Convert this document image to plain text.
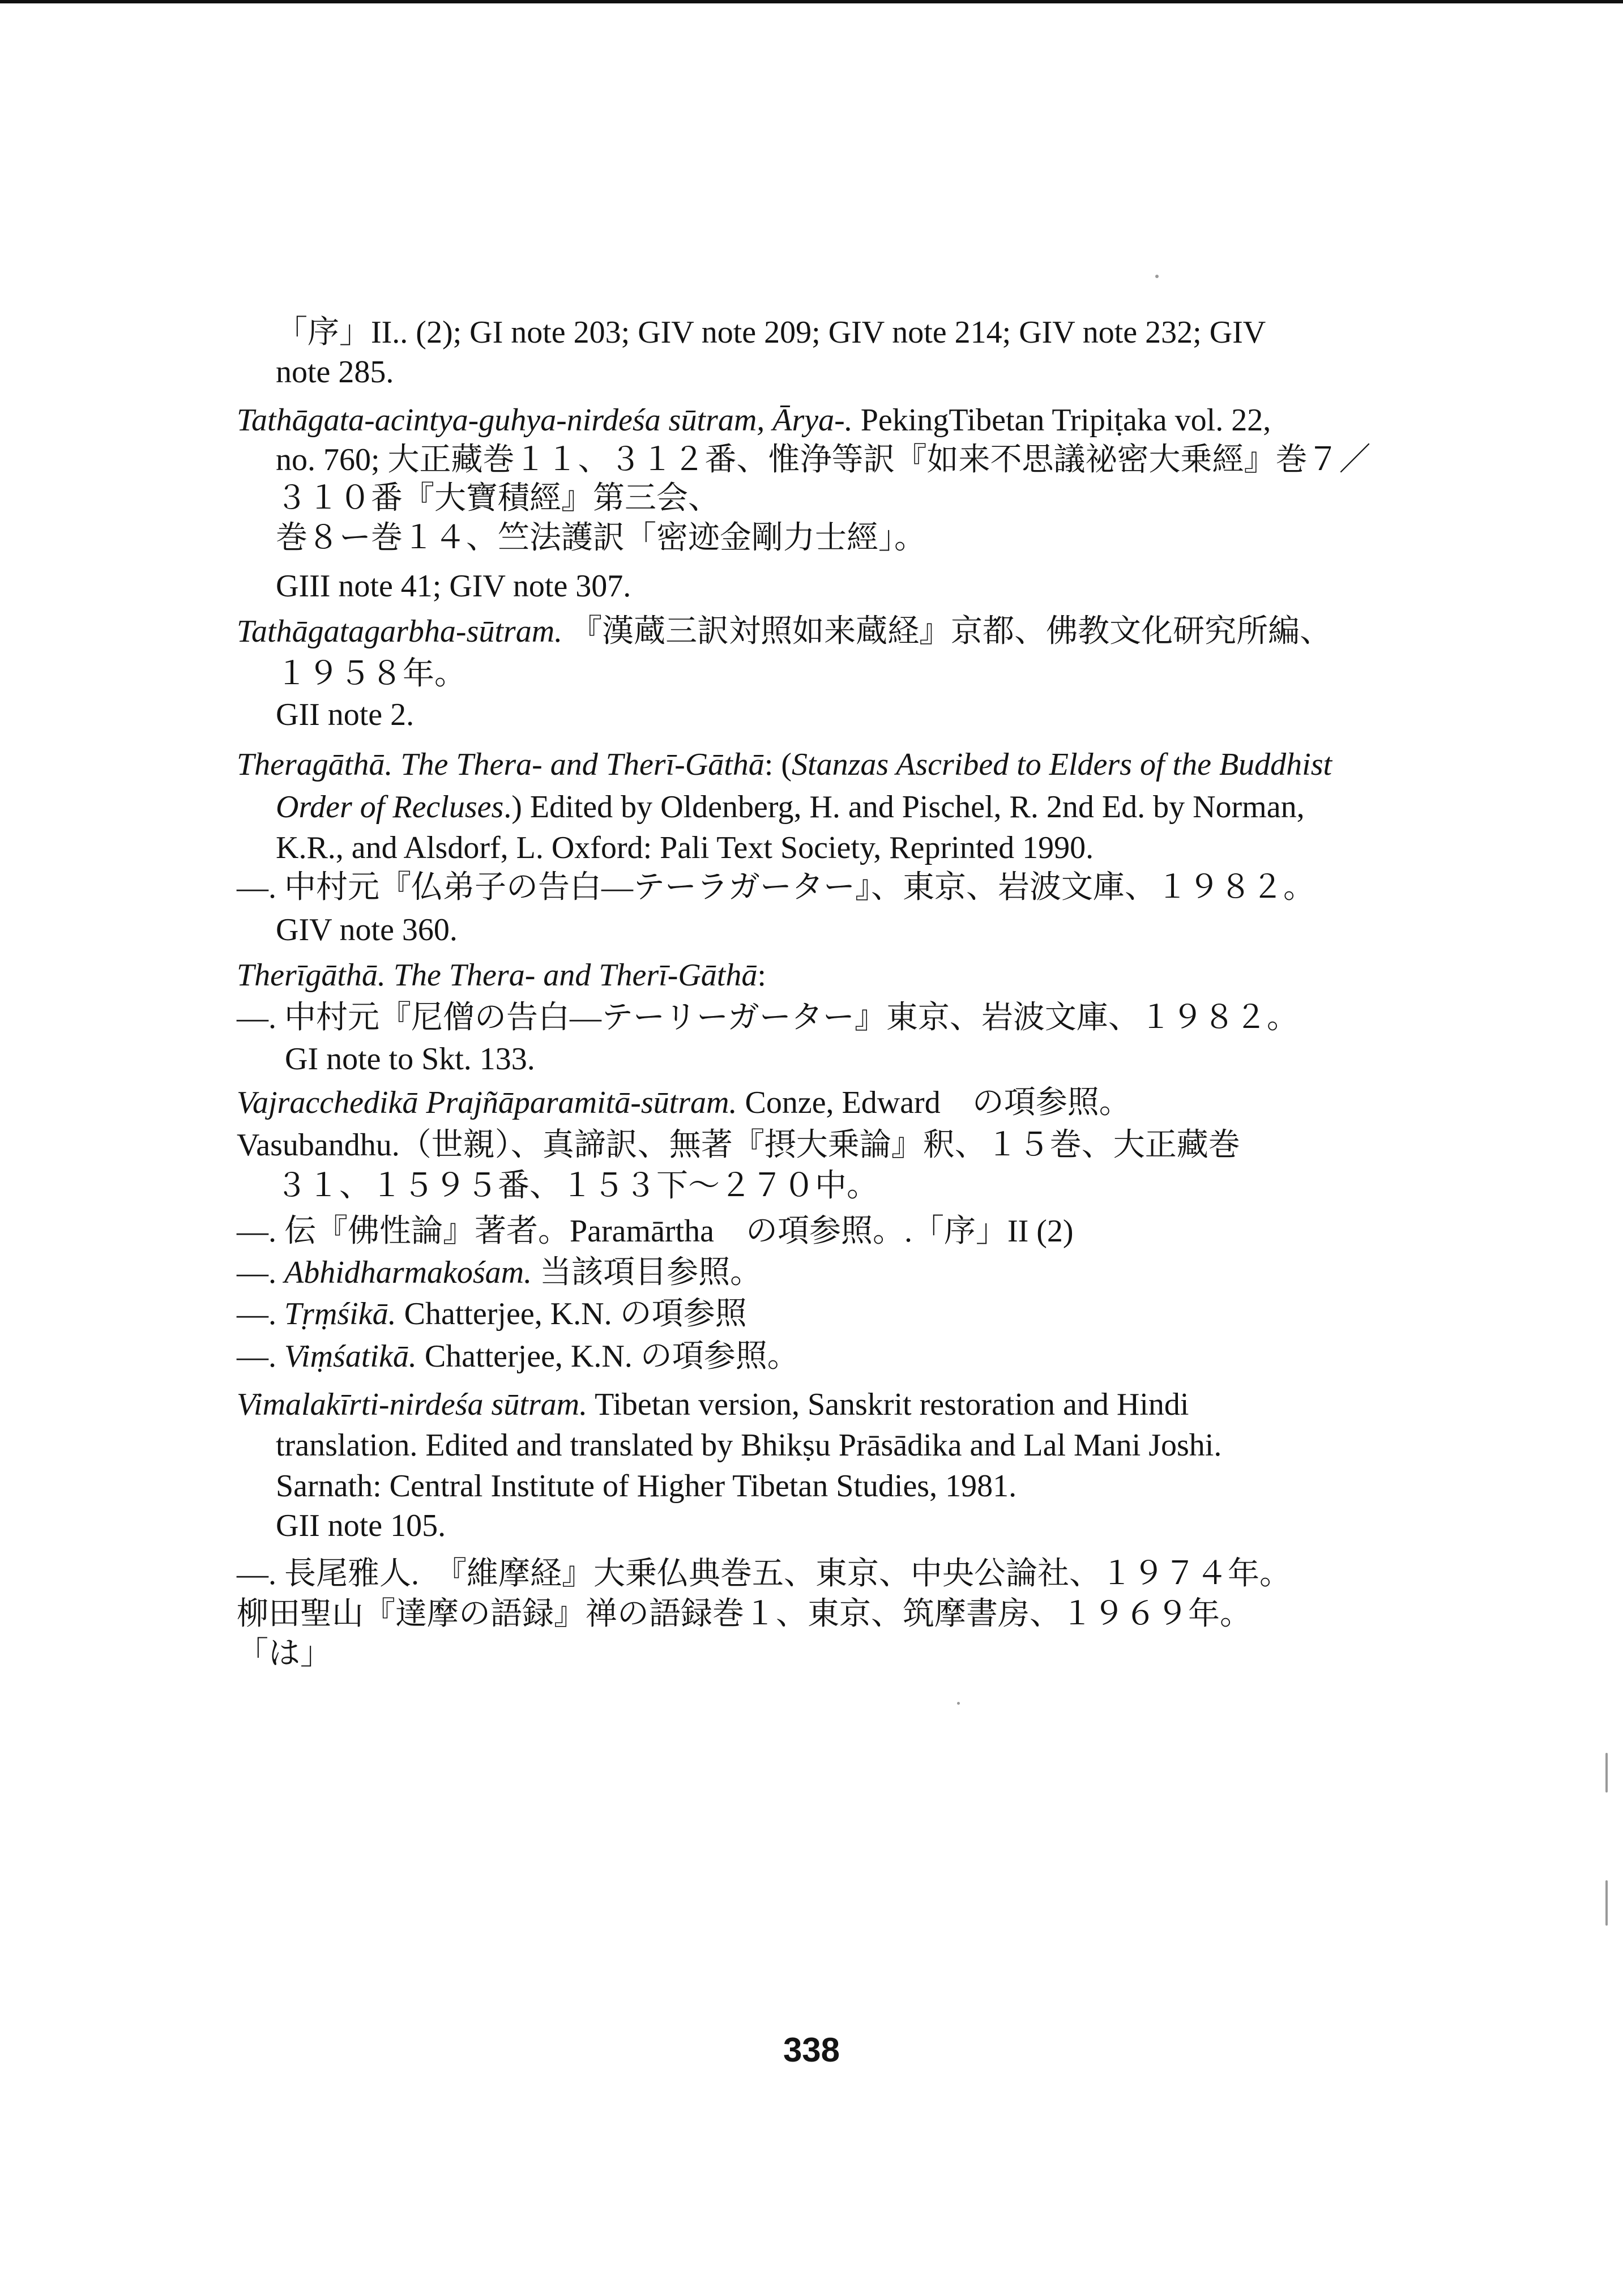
「序」II.. (2); GI note 203; GIV note 209; GIV note 214; GIV note 232; GIV
note 285.
Tathāgata-acintya-guhya-nirdeśa sūtram, Ārya-. PekingTibetan Tripiṭaka vol. 22,
no. 760; 大正藏巻１１、３１２番、惟浄等訳『如来不思議祕密大乗經』巻７／
３１０番『大寶積經』第三会、
巻８ー巻１４、竺法護訳「密迹金剛力士經」。
GIII note 41; GIV note 307.
Tathāgatagarbha-sūtram. 『漢蔵三訳対照如来蔵経』京都、佛教文化研究所編、
１９５８年。
GII note 2.
Theragāthā. The Thera- and Therī-Gāthā: (Stanzas Ascribed to Elders of the Buddhist
Order of Recluses.) Edited by Oldenberg, H. and Pischel, R. 2nd Ed. by Norman,
K.R., and Alsdorf, L. Oxford: Pali Text Society, Reprinted 1990.
—. 中村元『仏弟子の告白—テーラガーター』、東京、岩波文庫、１９８２。
GIV note 360.
Therīgāthā. The Thera- and Therī-Gāthā:
—. 中村元『尼僧の告白—テーリーガーター』東京、岩波文庫、１９８２。
GI note to Skt. 133.
Vajracchedikā Prajñāparamitā-sūtram. Conze, Edward　の項参照。
Vasubandhu.（世親）、真諦訳、無著『摂大乗論』釈、１５巻、大正藏巻
３１、１５９５番、１５３下～２７０中。
—. 伝『佛性論』著者。Paramārtha　の項参照。.「序」II (2)
—. Abhidharmakośam. 当該項目参照。
—. Tṛṃśikā. Chatterjee, K.N. の項参照
—. Viṃśatikā. Chatterjee, K.N. の項参照。
Vimalakīrti-nirdeśa sūtram. Tibetan version, Sanskrit restoration and Hindi
translation. Edited and translated by Bhikṣu Prāsādika and Lal Mani Joshi.
Sarnath: Central Institute of Higher Tibetan Studies, 1981.
GII note 105.
—. 長尾雅人.　『維摩経』大乗仏典巻五、東京、中央公論社、１９７４年。
柳田聖山『達摩の語録』禅の語録巻１、東京、筑摩書房、１９６９年。
「は」
338
